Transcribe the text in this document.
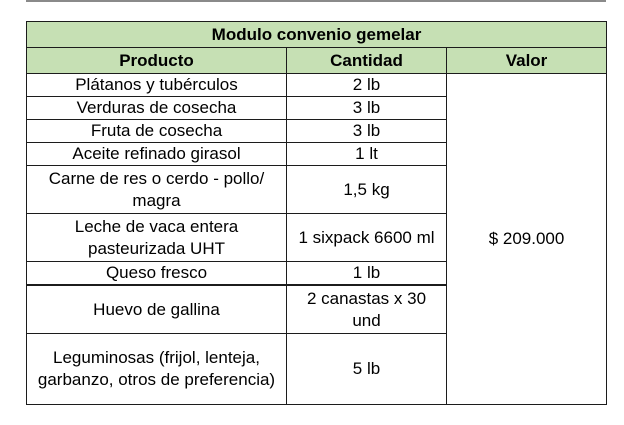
Modulo convenio gemelar		
Producto	Cantidad	Valor
Plátanos y tubérculos	2 lb	$ 209.000
Verduras de cosecha	3 lb	
Fruta de cosecha	3 lb	
Aceite refinado girasol	1 lt	
Carne de res o cerdo - pollo/ magra	1,5 kg	
Leche de vaca entera pasteurizada UHT	1 sixpack 6600 ml	
Queso fresco	1 lb	
Huevo de gallina	2 canastas x 30 und	
Leguminosas (frijol, lenteja, garbanzo, otros de preferencia)	5 lb	
